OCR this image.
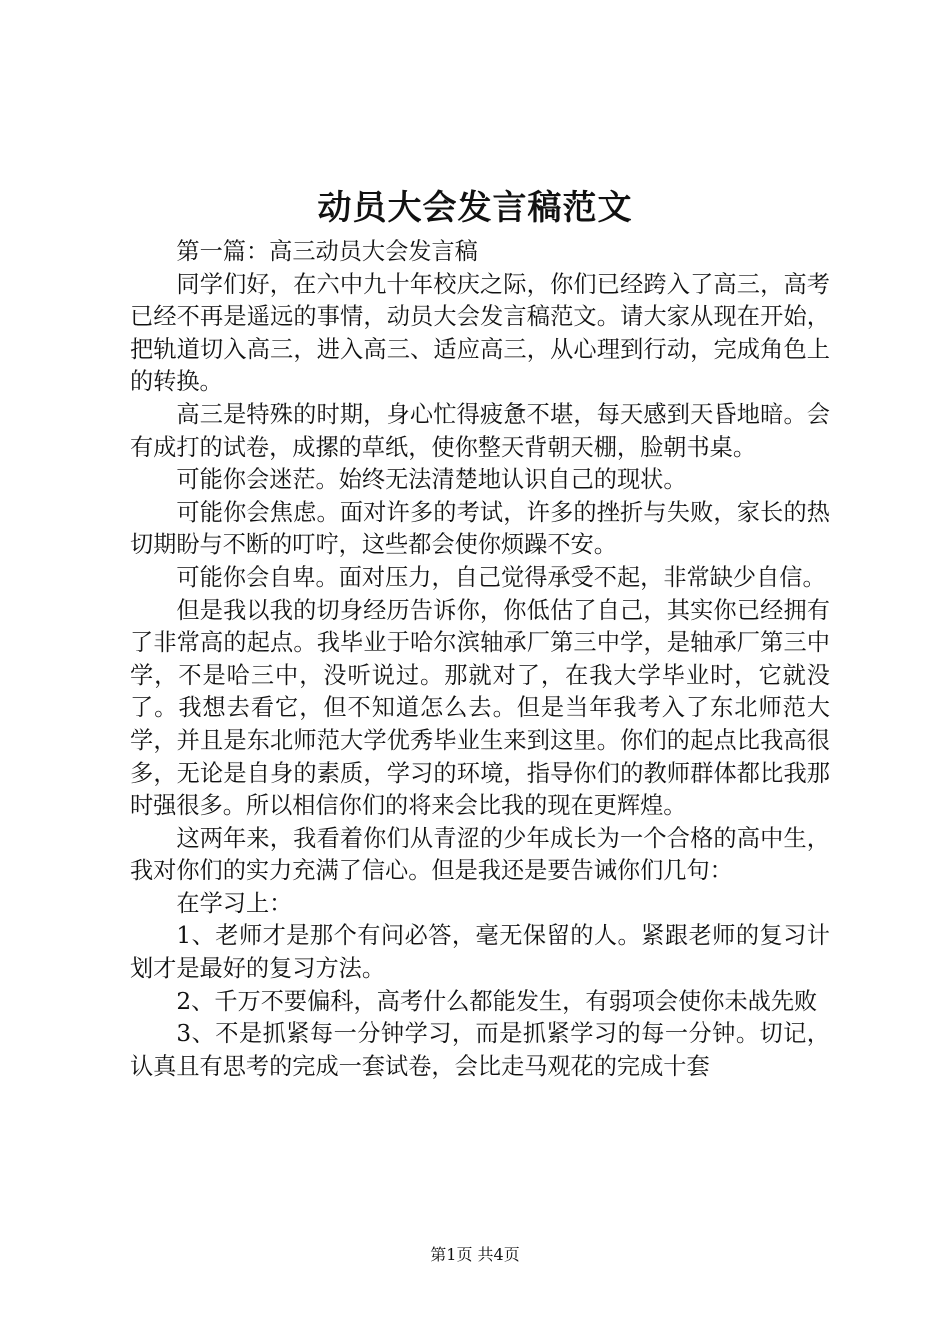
动员大会发言稿范文

第一篇：高三动员大会发言稿

同学们好，在六中九十年校庆之际，你们已经跨入了高三，高考已经不再是遥远的事情，动员大会发言稿范文。请大家从现在开始，把轨道切入高三，进入高三、适应高三，从心理到行动，完成角色上的转换。

高三是特殊的时期，身心忙得疲惫不堪，每天感到天昏地暗。会有成打的试卷，成摞的草纸，使你整天背朝天棚，脸朝书桌。

可能你会迷茫。始终无法清楚地认识自己的现状。

可能你会焦虑。面对许多的考试，许多的挫折与失败，家长的热切期盼与不断的叮咛，这些都会使你烦躁不安。

可能你会自卑。面对压力，自己觉得承受不起，非常缺少自信。

但是我以我的切身经历告诉你，你低估了自己，其实你已经拥有了非常高的起点。我毕业于哈尔滨轴承厂第三中学，是轴承厂第三中学，不是哈三中，没听说过。那就对了，在我大学毕业时，它就没了。我想去看它，但不知道怎么去。但是当年我考入了东北师范大学，并且是东北师范大学优秀毕业生来到这里。你们的起点比我高很多，无论是自身的素质，学习的环境，指导你们的教师群体都比我那时强很多。所以相信你们的将来会比我的现在更辉煌。

这两年来，我看着你们从青涩的少年成长为一个合格的高中生，我对你们的实力充满了信心。但是我还是要告诫你们几句：

在学习上：

1、老师才是那个有问必答，毫无保留的人。紧跟老师的复习计划才是最好的复习方法。

2、千万不要偏科，高考什么都能发生，有弱项会使你未战先败

3、不是抓紧每一分钟学习，而是抓紧学习的每一分钟。切记，认真且有思考的完成一套试卷，会比走马观花的完成十套

第1页 共4页
